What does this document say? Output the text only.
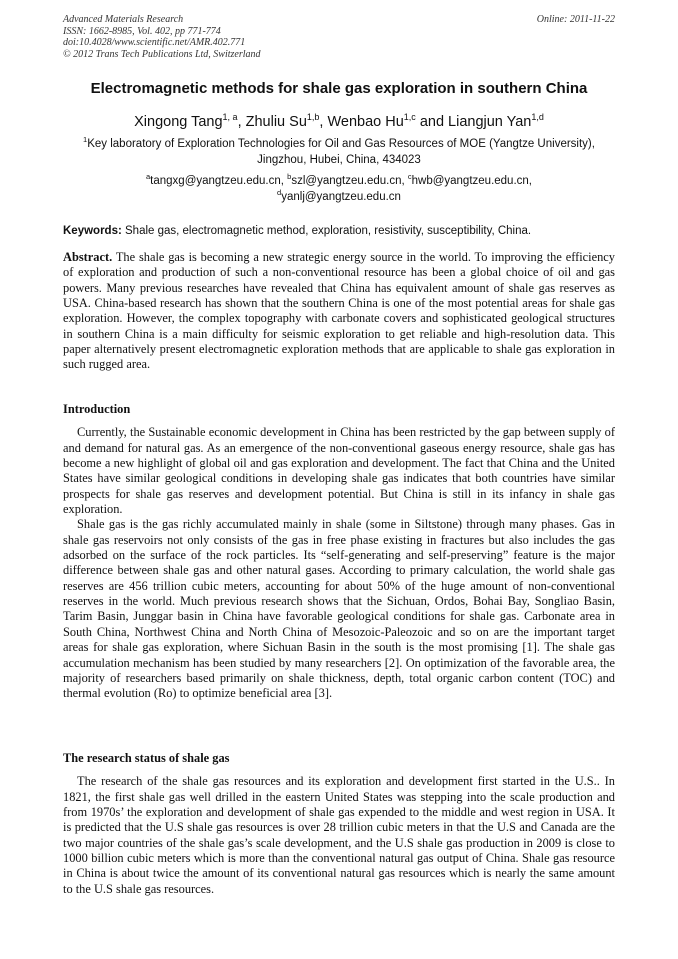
Advanced Materials Research
ISSN: 1662-8985, Vol. 402, pp 771-774
doi:10.4028/www.scientific.net/AMR.402.771
© 2012 Trans Tech Publications Ltd, Switzerland
Online: 2011-11-22
Electromagnetic methods for shale gas exploration in southern China
Xingong Tang$^{1, a}$, Zhuliu Su$^{1,b}$, Wenbao Hu$^{1,c}$ and Liangjun Yan$^{1,d}$
$^1$Key laboratory of Exploration Technologies for Oil and Gas Resources of MOE (Yangtze University), Jingzhou, Hubei, China, 434023
$^a$tangxg@yangtzeu.edu.cn, $^b$szl@yangtzeu.edu.cn, $^c$hwb@yangtzeu.edu.cn,
$^d$yanlj@yangtzeu.edu.cn
Keywords: Shale gas, electromagnetic method, exploration, resistivity, susceptibility, China.

Abstract. The shale gas is becoming a new strategic energy source in the world. To improving the efficiency of exploration and production of such a non-conventional resource has been a global choice of oil and gas powers. Many previous researches have revealed that China has equivalent amount of shale gas reserves as USA. China-based research has shown that the southern China is one of the most potential areas for shale gas exploration. However, the complex topography with carbonate covers and sophisticated geological structures in southern China is a main difficulty for seismic exploration to get reliable and high-resolution data. This paper alternatively present electromagnetic exploration methods that are applicable to shale gas exploration in such rugged area.

Introduction

Currently, the Sustainable economic development in China has been restricted by the gap between supply of and demand for natural gas. As an emergence of the non-conventional gaseous energy resource, shale gas has become a new highlight of global oil and gas exploration and development. The fact that China and the United States have similar geological conditions in developing shale gas indicates that both countries have similar prospects for shale gas reserves and development potential. But China is still in its infancy in shale gas exploration.

Shale gas is the gas richly accumulated mainly in shale (some in Siltstone) through many phases. Gas in shale gas reservoirs not only consists of the gas in free phase existing in fractures but also includes the gas adsorbed on the surface of the rock particles. Its “self-generating and self-preserving” feature is the major difference between shale gas and other natural gases. According to primary calculation, the world shale gas reserves are 456 trillion cubic meters, accounting for about 50% of the huge amount of non-conventional reserves in the world. Much previous research shows that the Sichuan, Ordos, Bohai Bay, Songliao Basin, Tarim Basin, Junggar basin in China have favorable geological conditions for shale gas. Carbonate area in South China, Northwest China and North China of Mesozoic-Paleozoic and so on are the important target areas for shale gas exploration, where Sichuan Basin in the south is the most promising [1]. The shale gas accumulation mechanism has been studied by many researchers [2]. On optimization of the favorable area, the majority of researchers based primarily on shale thickness, depth, total organic carbon content (TOC) and thermal evolution (Ro) to optimize beneficial area [3].

The research status of shale gas

The research of the shale gas resources and its exploration and development first started in the U.S.. In 1821, the first shale gas well drilled in the eastern United States was stepping into the scale production and from 1970s’ the exploration and development of shale gas expended to the middle and west region in USA. It is predicted that the U.S shale gas resources is over 28 trillion cubic meters in that the U.S and Canada are the two major countries of the shale gas’s scale development, and the U.S shale gas production in 2009 is close to 1000 billion cubic meters which is more than the conventional natural gas output of China. Shale gas resource in China is about twice the amount of its conventional natural gas resources which is nearly the same amount to the U.S shale gas resources.
